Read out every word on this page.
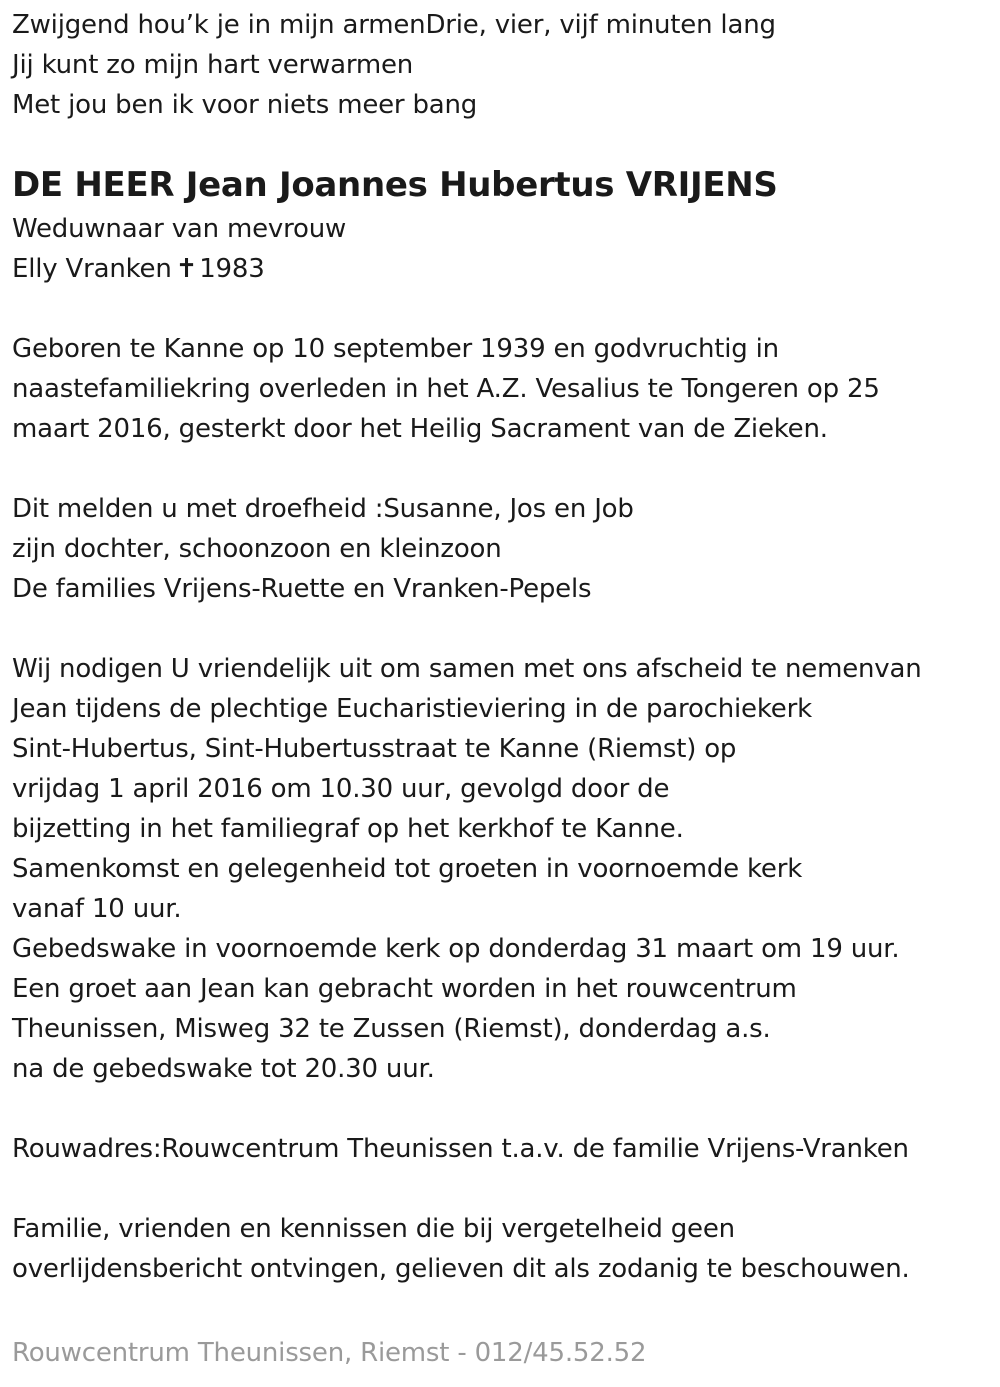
Zwijgend hou’k je in mijn armenDrie, vier, vijf minuten lang
Jij kunt zo mijn hart verwarmen
Met jou ben ik voor niets meer bang
DE HEER Jean Joannes Hubertus VRIJENS
Weduwnaar van mevrouw
Elly Vranken ✝1983
Geboren te Kanne op 10 september 1939 en godvruchtig in
naastefamiliekring overleden in het A.Z. Vesalius te Tongeren op 25
maart 2016, gesterkt door het Heilig Sacrament van de Zieken.
Dit melden u met droefheid :Susanne, Jos en Job
zijn dochter, schoonzoon en kleinzoon
De families Vrijens-Ruette en Vranken-Pepels
Wij nodigen U vriendelijk uit om samen met ons afscheid te nemenvan
Jean tijdens de plechtige Eucharistieviering in de parochiekerk
Sint-Hubertus, Sint-Hubertusstraat te Kanne (Riemst) op
vrijdag 1 april 2016 om 10.30 uur, gevolgd door de
bijzetting in het familiegraf op het kerkhof te Kanne.
Samenkomst en gelegenheid tot groeten in voornoemde kerk
vanaf 10 uur.
Gebedswake in voornoemde kerk op donderdag 31 maart om 19 uur.
Een groet aan Jean kan gebracht worden in het rouwcentrum
Theunissen, Misweg 32 te Zussen (Riemst), donderdag a.s.
na de gebedswake tot 20.30 uur.
Rouwadres:Rouwcentrum Theunissen t.a.v. de familie Vrijens-Vranken
Familie, vrienden en kennissen die bij vergetelheid geen
overlijdensbericht ontvingen, gelieven dit als zodanig te beschouwen.
Rouwcentrum Theunissen, Riemst - 012/45.52.52
